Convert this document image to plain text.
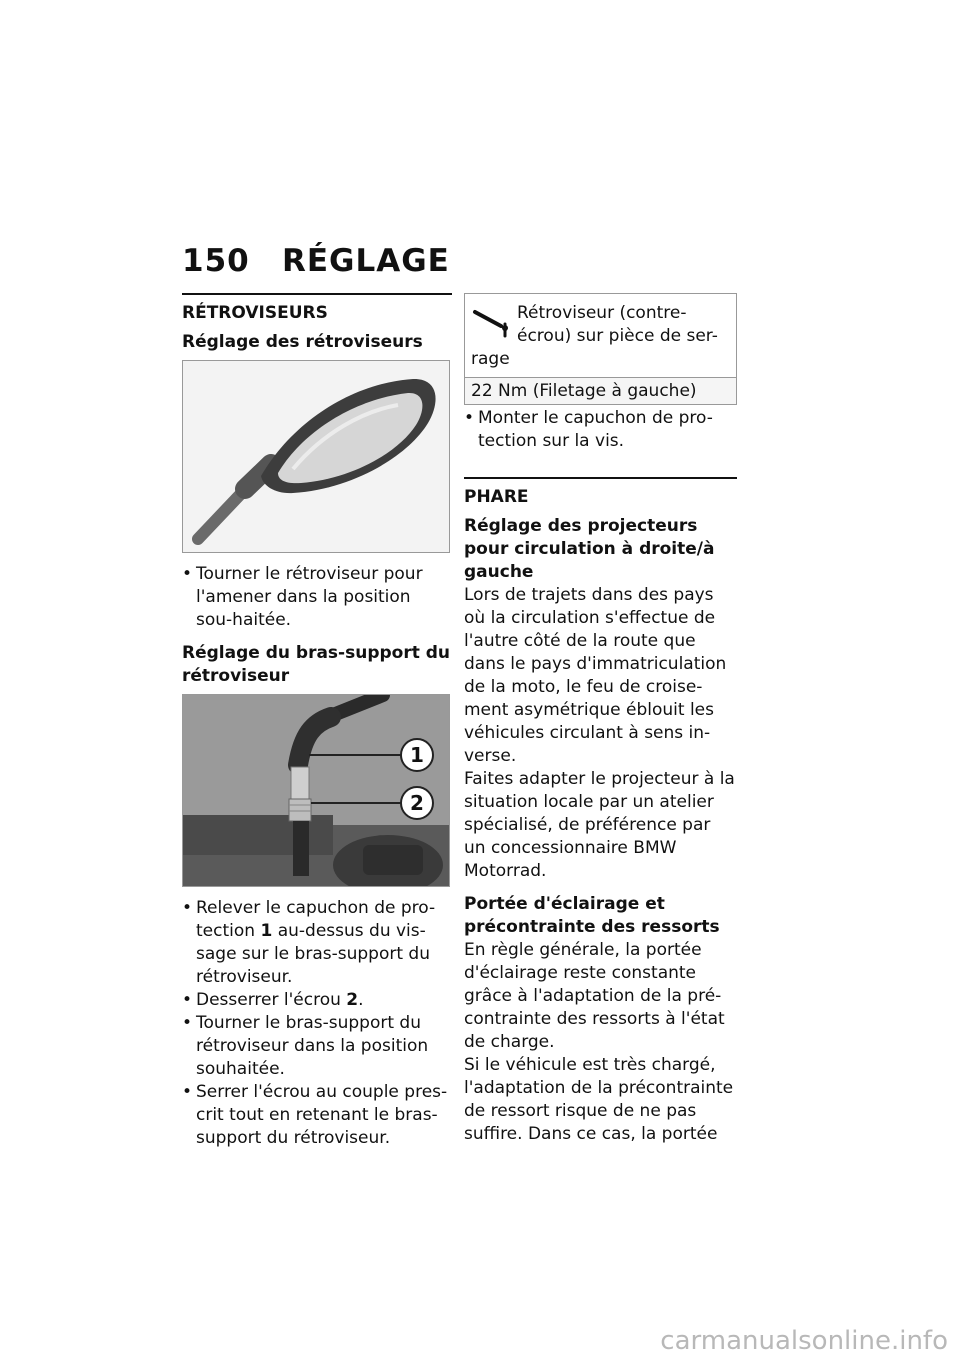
150 RÉGLAGE
RÉTROVISEURS
Réglage des rétroviseurs
• Tourner le rétroviseur pour l'amener dans la position sou-haitée.
Réglage du bras-support du rétroviseur
1
2
• Relever le capuchon de pro-tection 1 au-dessus du vis-sage sur le bras-support du rétroviseur.
• Desserrer l'écrou 2.
• Tourner le bras-support du rétroviseur dans la position souhaitée.
• Serrer l'écrou au couple pres-crit tout en retenant le bras-support du rétroviseur.
Rétroviseur (contre-écrou) sur pièce de ser-rage
22 Nm (Filetage à gauche)
• Monter le capuchon de pro-tection sur la vis.
PHARE
Réglage des projecteurs pour circulation à droite/à gauche

Lors de trajets dans des pays où la circulation s'effectue de l'autre côté de la route que dans le pays d'immatriculation de la moto, le feu de croise-ment asymétrique éblouit les véhicules circulant à sens in-verse.

Faites adapter le projecteur à la situation locale par un atelier spécialisé, de préférence par un concessionnaire BMW Motorrad.

Portée d'éclairage et précontrainte des ressorts

En règle générale, la portée d'éclairage reste constante grâce à l'adaptation de la pré-contrainte des ressorts à l'état de charge.

Si le véhicule est très chargé, l'adaptation de la précontrainte de ressort risque de ne pas suffire. Dans ce cas, la portée

carmanualsonline.info
